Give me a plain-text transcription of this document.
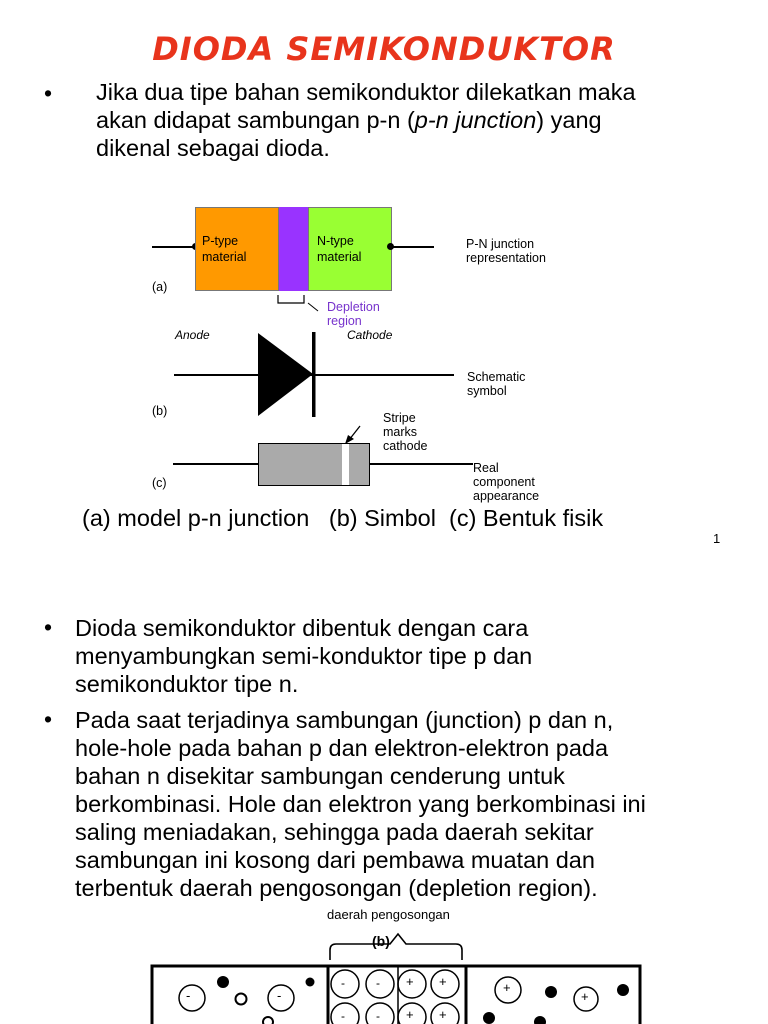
DIODA SEMIKONDUKTOR
• Jika dua tipe bahan semikonduktor dilekatkan maka
akan didapat sambungan p-n (p-n junction) yang
dikenal sebagai dioda.
P-type
material
N-type
material
P-N junction representation
(a)
Depletion region
Anode	Cathode
Schematic symbol
(b)	Stripe marks cathode
Real component appearance
(c)
(a) model p-n junction   (b) Simbol  (c) Bentuk fisik
1
• Dioda semikonduktor dibentuk dengan cara
menyambungkan semi-konduktor tipe p dan
semikonduktor tipe n.
• Pada saat terjadinya sambungan (junction) p dan n,
hole-hole pada bahan p dan elektron-elektron pada
bahan n disekitar sambungan cenderung untuk
berkombinasi. Hole dan elektron yang berkombinasi ini
saling meniadakan, sehingga pada daerah sekitar
sambungan ini kosong dari pembawa muatan dan
terbentuk daerah pengosongan (depletion region).
daerah pengosongan
(b)
-	-
-	- + +
-	- + +
+
+
